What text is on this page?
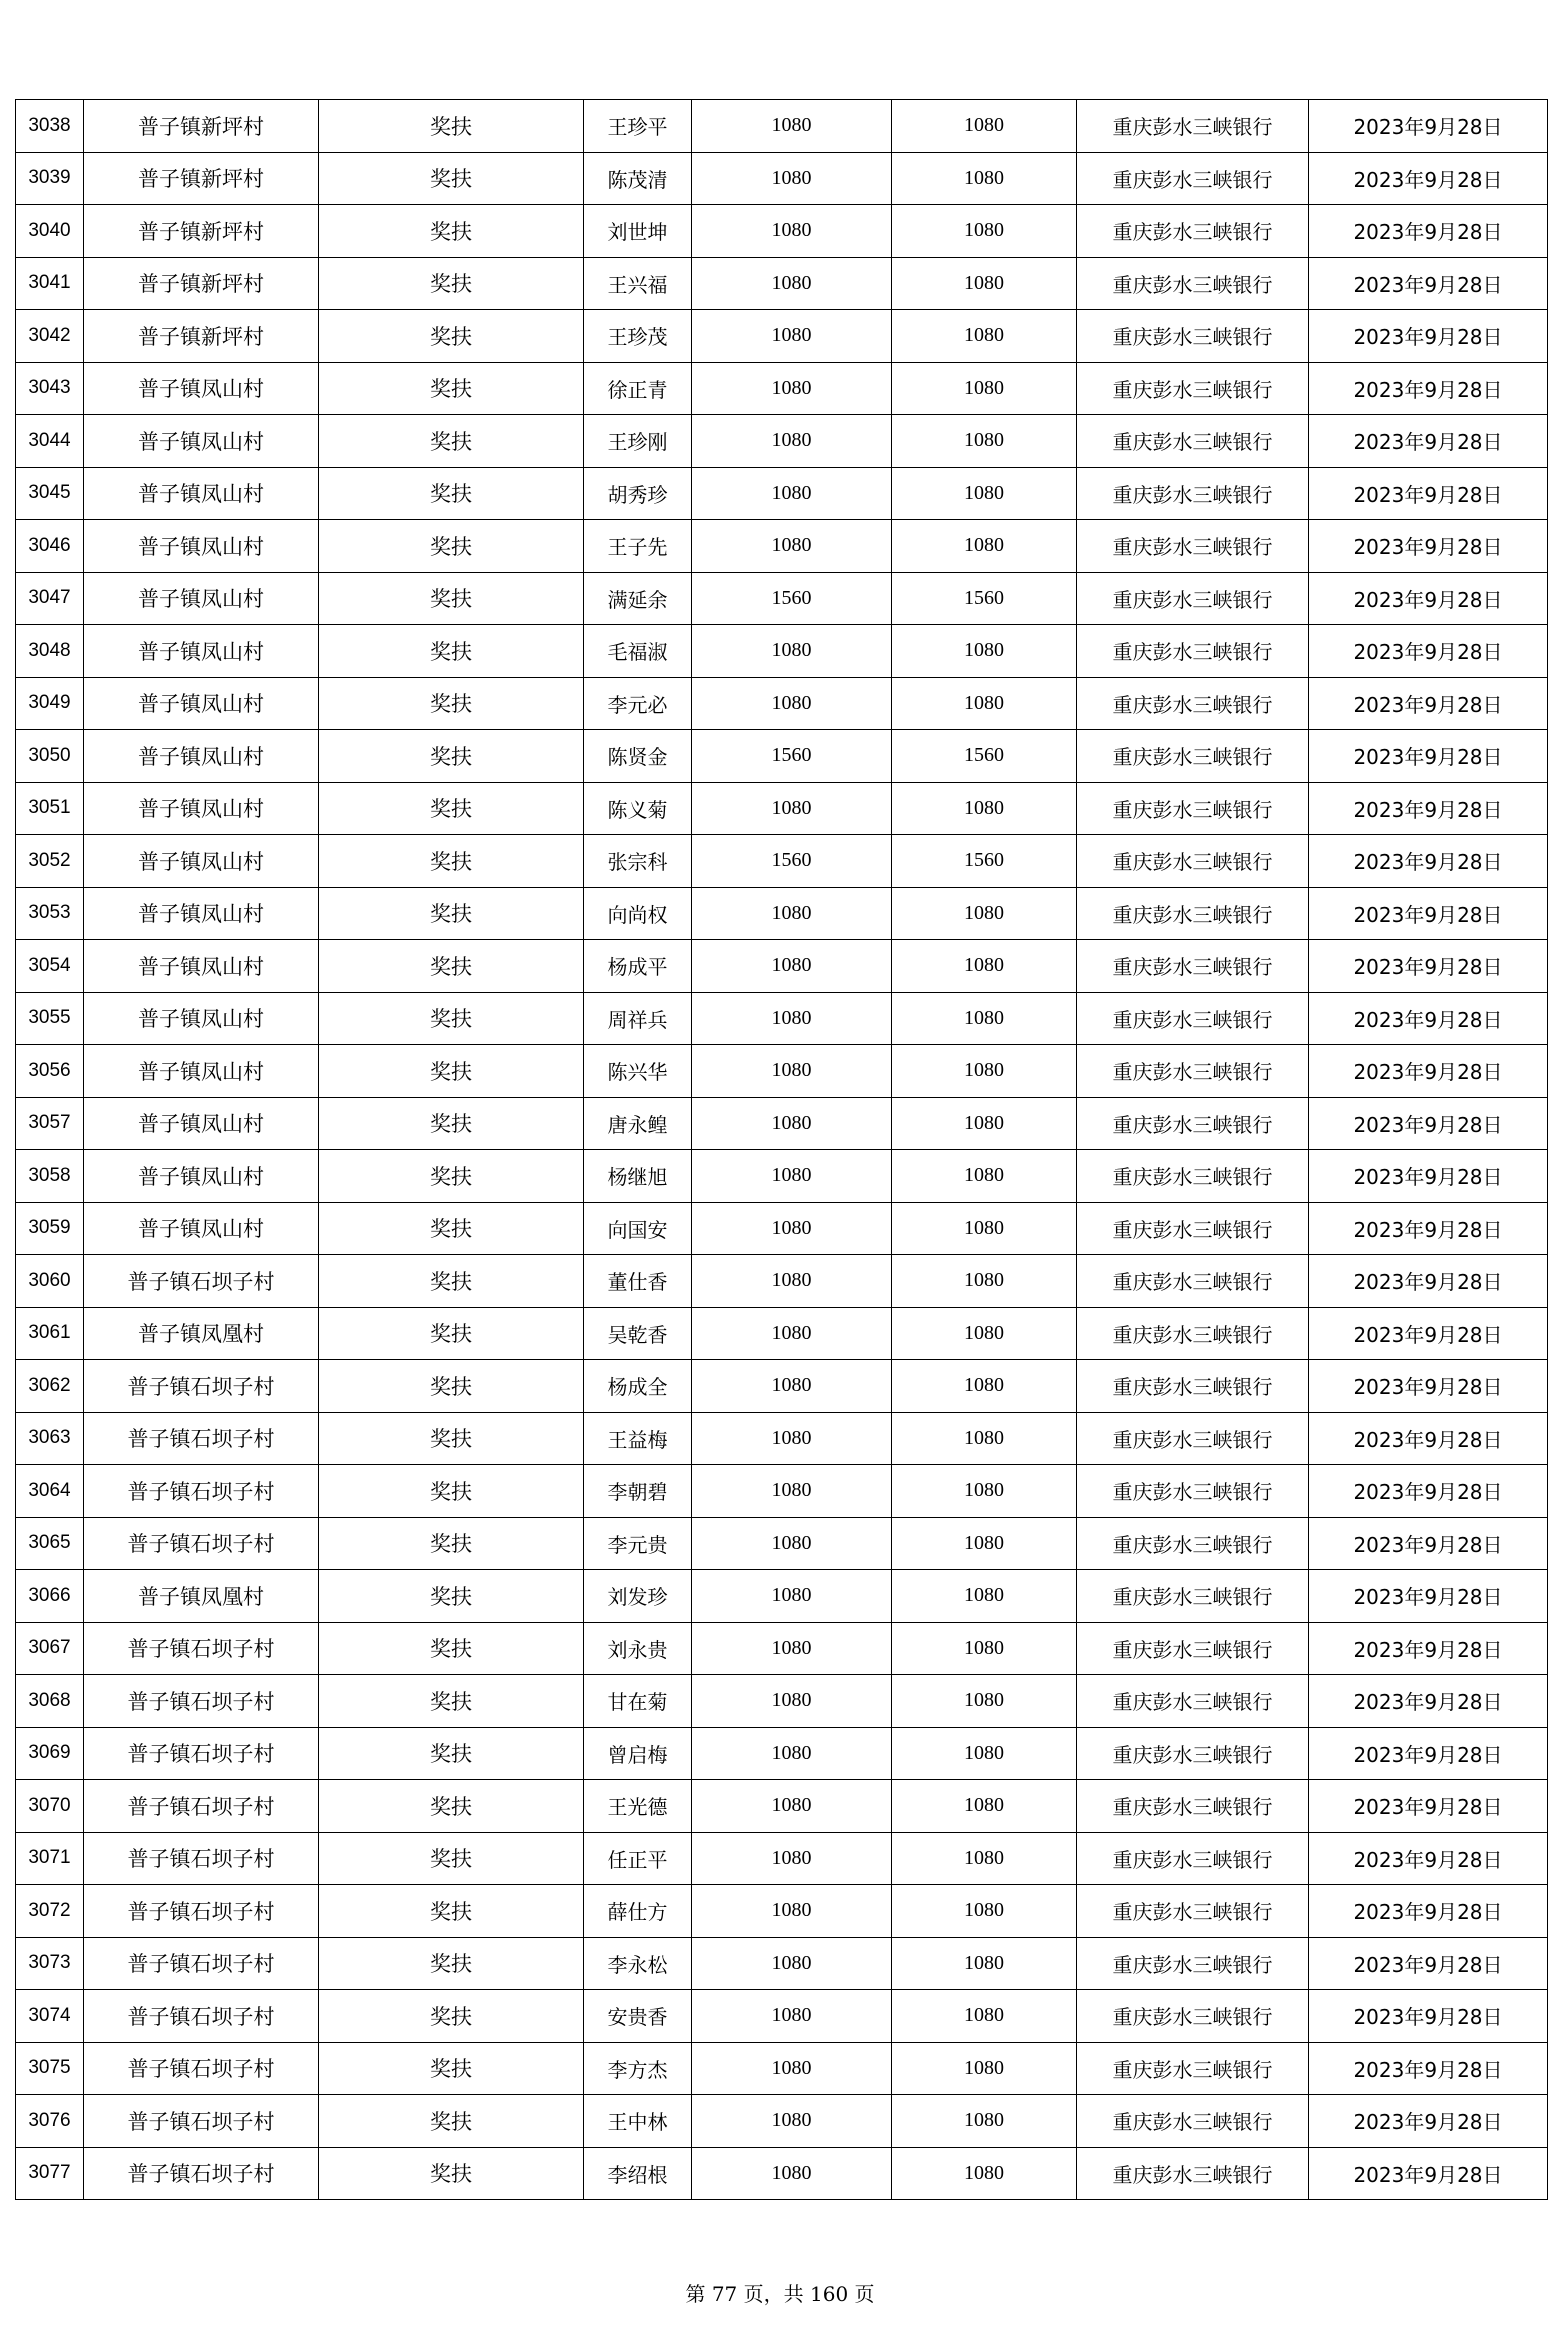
3038	普子镇新坪村	奖扶	王珍平	1080	1080	重庆彭水三峡银行	2023年9月28日
3039	普子镇新坪村	奖扶	陈茂清	1080	1080	重庆彭水三峡银行	2023年9月28日
3040	普子镇新坪村	奖扶	刘世坤	1080	1080	重庆彭水三峡银行	2023年9月28日
3041	普子镇新坪村	奖扶	王兴福	1080	1080	重庆彭水三峡银行	2023年9月28日
3042	普子镇新坪村	奖扶	王珍茂	1080	1080	重庆彭水三峡银行	2023年9月28日
3043	普子镇凤山村	奖扶	徐正青	1080	1080	重庆彭水三峡银行	2023年9月28日
3044	普子镇凤山村	奖扶	王珍刚	1080	1080	重庆彭水三峡银行	2023年9月28日
3045	普子镇凤山村	奖扶	胡秀珍	1080	1080	重庆彭水三峡银行	2023年9月28日
3046	普子镇凤山村	奖扶	王子先	1080	1080	重庆彭水三峡银行	2023年9月28日
3047	普子镇凤山村	奖扶	满延余	1560	1560	重庆彭水三峡银行	2023年9月28日
3048	普子镇凤山村	奖扶	毛福淑	1080	1080	重庆彭水三峡银行	2023年9月28日
3049	普子镇凤山村	奖扶	李元必	1080	1080	重庆彭水三峡银行	2023年9月28日
3050	普子镇凤山村	奖扶	陈贤金	1560	1560	重庆彭水三峡银行	2023年9月28日
3051	普子镇凤山村	奖扶	陈义菊	1080	1080	重庆彭水三峡银行	2023年9月28日
3052	普子镇凤山村	奖扶	张宗科	1560	1560	重庆彭水三峡银行	2023年9月28日
3053	普子镇凤山村	奖扶	向尚权	1080	1080	重庆彭水三峡银行	2023年9月28日
3054	普子镇凤山村	奖扶	杨成平	1080	1080	重庆彭水三峡银行	2023年9月28日
3055	普子镇凤山村	奖扶	周祥兵	1080	1080	重庆彭水三峡银行	2023年9月28日
3056	普子镇凤山村	奖扶	陈兴华	1080	1080	重庆彭水三峡银行	2023年9月28日
3057	普子镇凤山村	奖扶	唐永鳇	1080	1080	重庆彭水三峡银行	2023年9月28日
3058	普子镇凤山村	奖扶	杨继旭	1080	1080	重庆彭水三峡银行	2023年9月28日
3059	普子镇凤山村	奖扶	向国安	1080	1080	重庆彭水三峡银行	2023年9月28日
3060	普子镇石坝子村	奖扶	董仕香	1080	1080	重庆彭水三峡银行	2023年9月28日
3061	普子镇凤凰村	奖扶	吴乾香	1080	1080	重庆彭水三峡银行	2023年9月28日
3062	普子镇石坝子村	奖扶	杨成全	1080	1080	重庆彭水三峡银行	2023年9月28日
3063	普子镇石坝子村	奖扶	王益梅	1080	1080	重庆彭水三峡银行	2023年9月28日
3064	普子镇石坝子村	奖扶	李朝碧	1080	1080	重庆彭水三峡银行	2023年9月28日
3065	普子镇石坝子村	奖扶	李元贵	1080	1080	重庆彭水三峡银行	2023年9月28日
3066	普子镇凤凰村	奖扶	刘发珍	1080	1080	重庆彭水三峡银行	2023年9月28日
3067	普子镇石坝子村	奖扶	刘永贵	1080	1080	重庆彭水三峡银行	2023年9月28日
3068	普子镇石坝子村	奖扶	甘在菊	1080	1080	重庆彭水三峡银行	2023年9月28日
3069	普子镇石坝子村	奖扶	曾启梅	1080	1080	重庆彭水三峡银行	2023年9月28日
3070	普子镇石坝子村	奖扶	王光德	1080	1080	重庆彭水三峡银行	2023年9月28日
3071	普子镇石坝子村	奖扶	任正平	1080	1080	重庆彭水三峡银行	2023年9月28日
3072	普子镇石坝子村	奖扶	薛仕方	1080	1080	重庆彭水三峡银行	2023年9月28日
3073	普子镇石坝子村	奖扶	李永松	1080	1080	重庆彭水三峡银行	2023年9月28日
3074	普子镇石坝子村	奖扶	安贵香	1080	1080	重庆彭水三峡银行	2023年9月28日
3075	普子镇石坝子村	奖扶	李方杰	1080	1080	重庆彭水三峡银行	2023年9月28日
3076	普子镇石坝子村	奖扶	王中林	1080	1080	重庆彭水三峡银行	2023年9月28日
3077	普子镇石坝子村	奖扶	李绍根	1080	1080	重庆彭水三峡银行	2023年9月28日
第 77 页，共 160 页
